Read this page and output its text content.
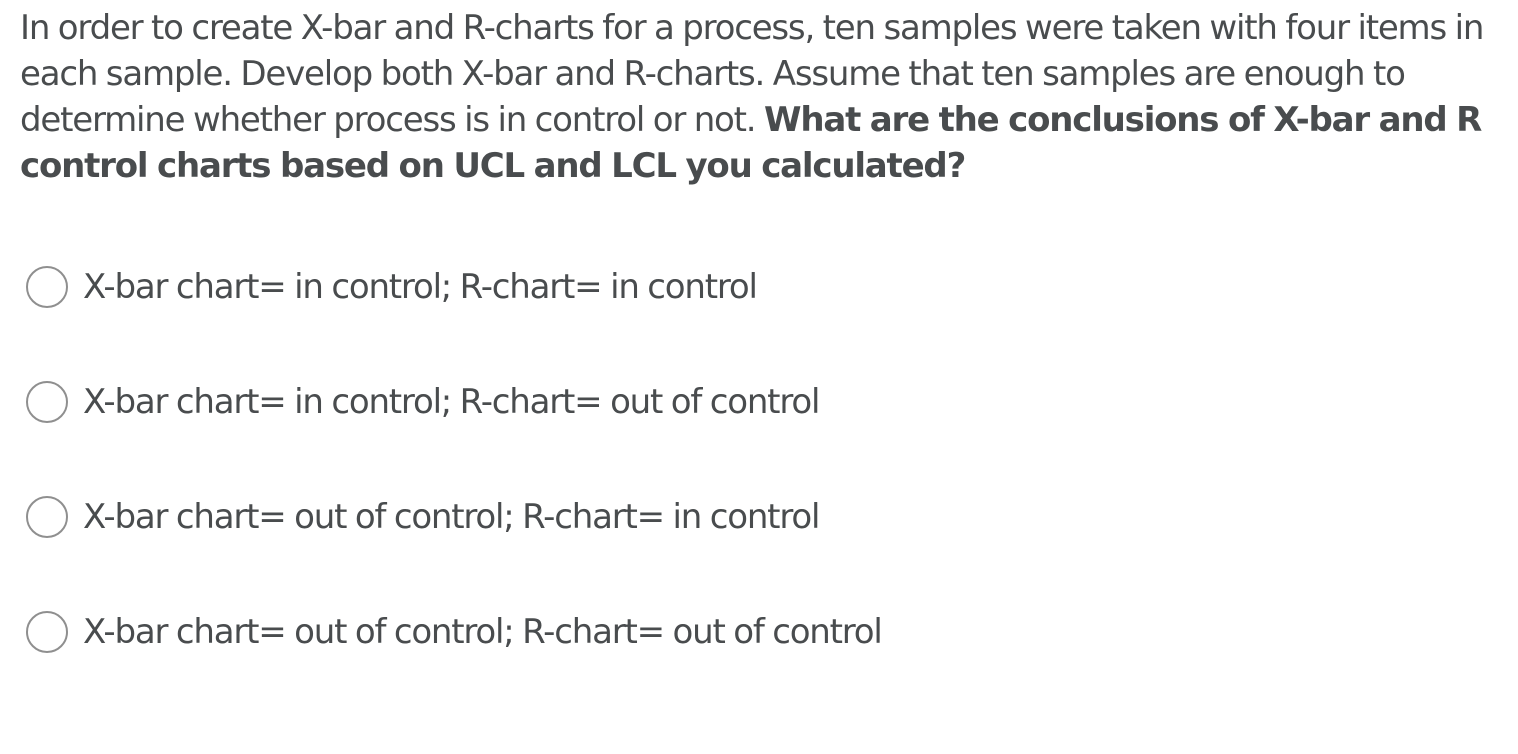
In order to create X-bar and R-charts for a process, ten samples were taken with four items in each sample. Develop both X-bar and R-charts. Assume that ten samples are enough to determine whether process is in control or not. What are the conclusions of X-bar and R control charts based on UCL and LCL you calculated?

X-bar chart= in control; R-chart= in control
X-bar chart= in control; R-chart= out of control
X-bar chart= out of control; R-chart= in control
X-bar chart= out of control; R-chart= out of control
